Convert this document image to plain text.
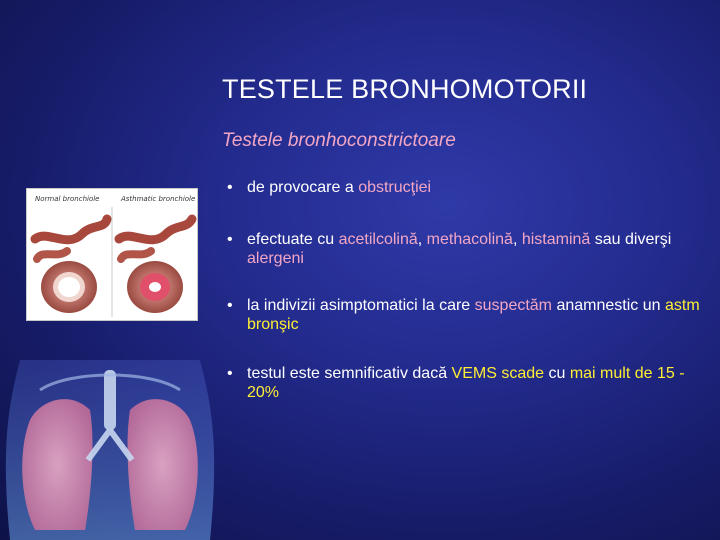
Normal bronchiole	Asthmatic bronchiole
TESTELE BRONHOMOTORII
Testele bronhoconstrictoare
• de provocare a obstrucţiei
• efectuate cu acetilcolină, methacolină, histamină sau diverşi alergeni
• la indivizii asimptomatici la care suspectăm anamnestic un astm bronşic
• testul este semnificativ dacă VEMS scade cu mai mult de 15 - 20%
